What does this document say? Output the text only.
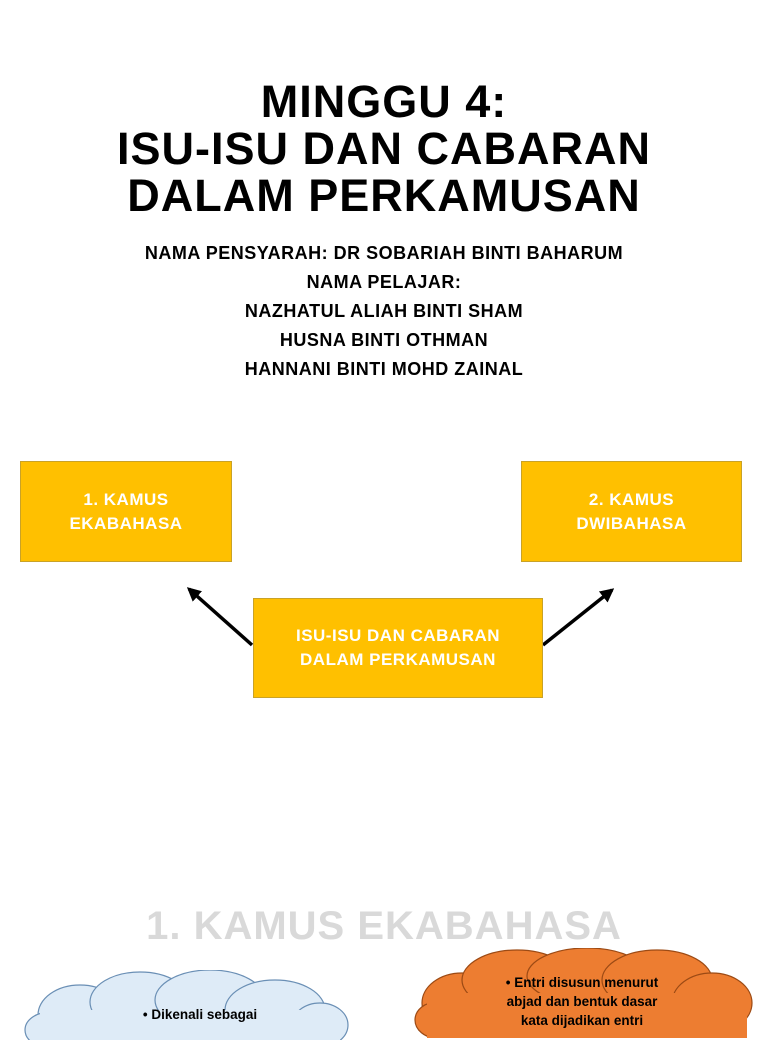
MINGGU 4:
ISU-ISU DAN CABARAN
DALAM PERKAMUSAN
NAMA PENSYARAH: DR SOBARIAH BINTI BAHARUM
NAMA PELAJAR:
NAZHATUL ALIAH BINTI SHAM
HUSNA BINTI OTHMAN
HANNANI BINTI MOHD ZAINAL
1. KAMUS
EKABAHASA
2. KAMUS
DWIBAHASA
ISU-ISU DAN CABARAN
DALAM PERKAMUSAN
1. KAMUS EKABAHASA
• Dikenali sebagai
• Entri disusun menurut
abjad dan bentuk dasar
kata dijadikan entri
